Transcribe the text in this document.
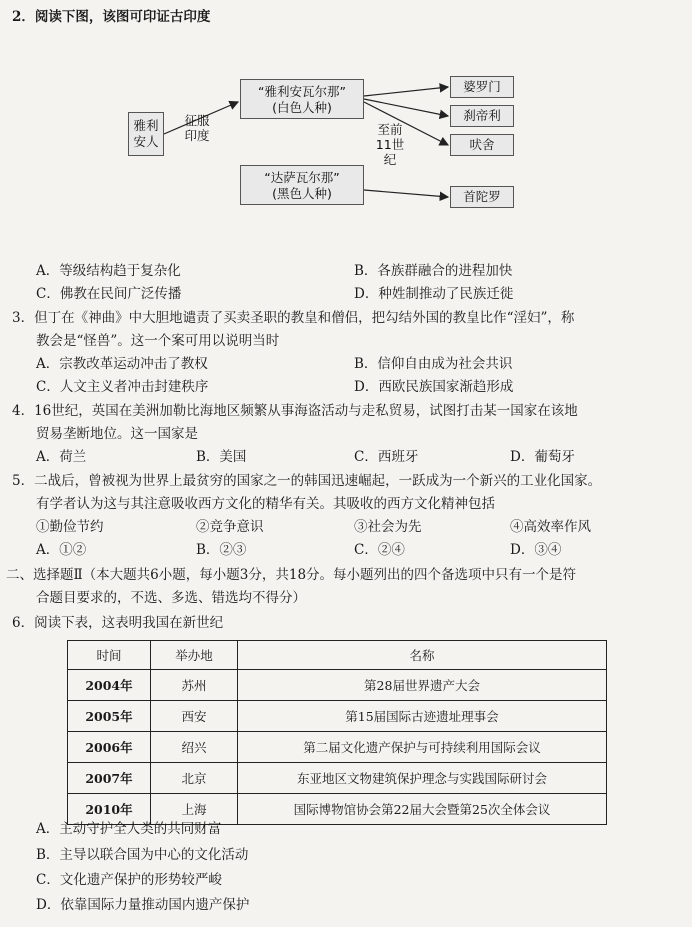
2．阅读下图，该图可印证古印度
雅利
安人
征服
印度
“雅利安瓦尔那”
(白色人种)
“达萨瓦尔那”
(黑色人种)
至前
11世
纪
婆罗门
刹帝利
吠舍
首陀罗
A．等级结构趋于复杂化	B．各族群融合的进程加快
C．佛教在民间广泛传播	D．种姓制推动了民族迁徙
3．但丁在《神曲》中大胆地谴责了买卖圣职的教皇和僧侣，把勾结外国的教皇比作“淫妇”，称
教会是“怪兽”。这一个案可用以说明当时
A．宗教改革运动冲击了教权	B．信仰自由成为社会共识
C．人文主义者冲击封建秩序	D．西欧民族国家渐趋形成
4．16世纪，英国在美洲加勒比海地区频繁从事海盗活动与走私贸易，试图打击某一国家在该地
贸易垄断地位。这一国家是
A．荷兰	B．美国	C．西班牙	D．葡萄牙
5．二战后，曾被视为世界上最贫穷的国家之一的韩国迅速崛起，一跃成为一个新兴的工业化国家。
有学者认为这与其注意吸收西方文化的精华有关。其吸收的西方文化精神包括
①勤俭节约	②竞争意识	③社会为先	④高效率作风
A．①②	B．②③	C．②④	D．③④
二、选择题Ⅱ（本大题共6小题，每小题3分，共18分。每小题列出的四个备选项中只有一个是符
合题目要求的，不选、多选、错选均不得分）
6．阅读下表，这表明我国在新世纪
时间	举办地	名称
2004年	苏州	第28届世界遗产大会
2005年	西安	第15届国际古迹遗址理事会
2006年	绍兴	第二届文化遗产保护与可持续利用国际会议
2007年	北京	东亚地区文物建筑保护理念与实践国际研讨会
2010年	上海	国际博物馆协会第22届大会暨第25次全体会议
A．主动守护全人类的共同财富
B．主导以联合国为中心的文化活动
C．文化遗产保护的形势较严峻
D．依靠国际力量推动国内遗产保护
